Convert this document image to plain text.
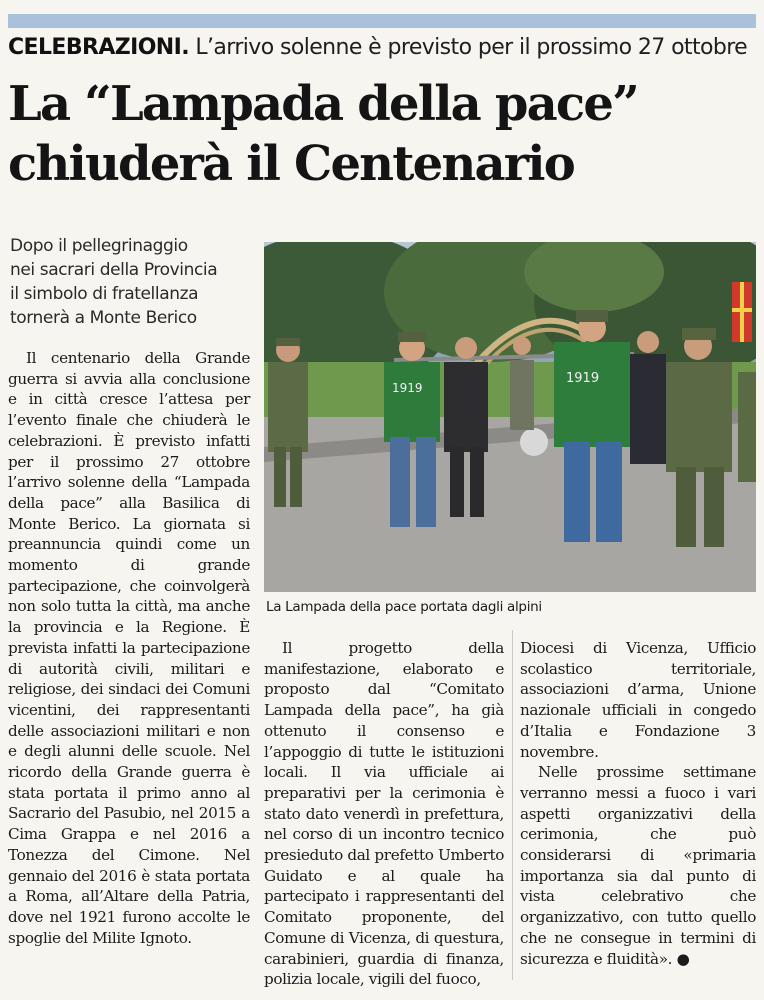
CELEBRAZIONI. L’arrivo solenne è previsto per il prossimo 27 ottobre
La “Lampada della pace”
chiuderà il Centenario
Dopo il pellegrinaggio
nei sacrari della Provincia
il simbolo di fratellanza
tornerà a Monte Berico

Il centenario della Grande guerra si avvia alla conclusione e in città cresce l’attesa per l’evento finale che chiuderà le celebrazioni. È previsto infatti per il prossimo 27 ottobre l’arrivo solenne della “Lampada della pace” alla Basilica di Monte Berico. La giornata si preannuncia quindi come un momento di grande partecipazione, che coinvolgerà non solo tutta la città, ma anche la provincia e la Regione. È prevista infatti la partecipazione di autorità civili, militari e religiose, dei sindaci dei Comuni vicentini, dei rappresentanti delle associazioni militari e non e degli alunni delle scuole. Nel ricordo della Grande guerra è stata portata il primo anno al Sacrario del Pasubio, nel 2015 a Cima Grappa e nel 2016 a Tonezza del Cimone. Nel gennaio del 2016 è stata portata a Roma, all’Altare della Patria, dove nel 1921 furono accolte le spoglie del Milite Ignoto.

1919
1919
La Lampada della pace portata dagli alpini

Il progetto della manifestazione, elaborato e proposto dal “Comitato Lampada della pace”, ha già ottenuto il consenso e l’appoggio di tutte le istituzioni locali. Il via ufficiale ai preparativi per la cerimonia è stato dato venerdì in prefettura, nel corso di un incontro tecnico presieduto dal prefetto Umberto Guidato e al quale ha partecipato i rappresentanti del Comitato proponente, del Comune di Vicenza, di questura, carabinieri, guardia di finanza, polizia locale, vigili del fuoco,

Diocesi di Vicenza, Ufficio scolastico territoriale, associazioni d’arma, Unione nazionale ufficiali in congedo d’Italia e Fondazione 3 novembre.

Nelle prossime settimane verranno messi a fuoco i vari aspetti organizzativi della cerimonia, che può considerarsi di «primaria importanza sia dal punto di vista celebrativo che organizzativo, con tutto quello che ne consegue in termini di sicurezza e fluidità». ●
